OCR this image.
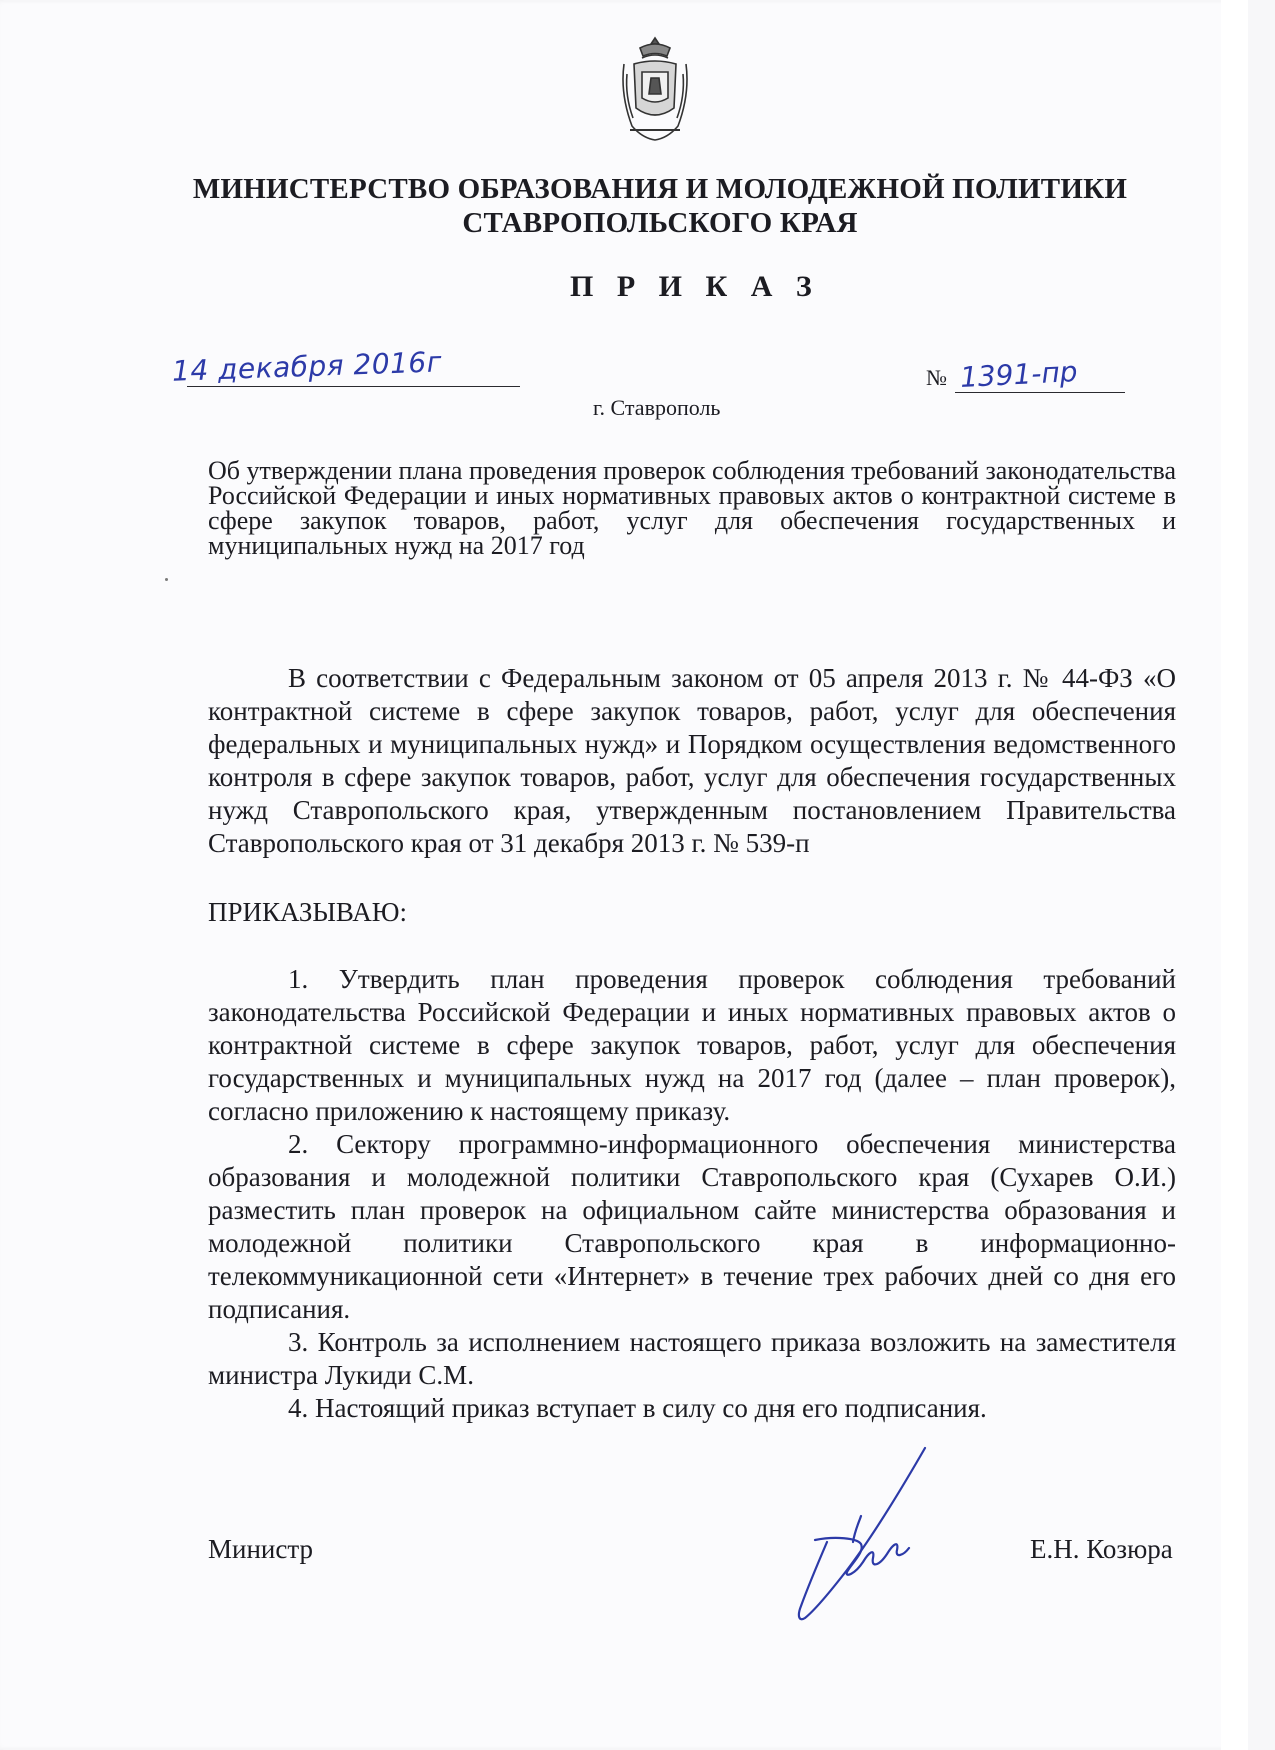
МИНИСТЕРСТВО ОБРАЗОВАНИЯ И МОЛОДЕЖНОЙ ПОЛИТИКИ
СТАВРОПОЛЬСКОГО КРАЯ
П Р И К А З
14 декабря 2016г	№ 1391-пр
г. Ставрополь

Об утверждении плана проведения проверок соблюдения требований законодательства Российской Федерации и иных нормативных правовых актов о контрактной системе в сфере закупок товаров, работ, услуг для обеспечения государственных и муниципальных нужд на 2017 год

В соответствии с Федеральным законом от 05 апреля 2013 г. № 44-ФЗ «О контрактной системе в сфере закупок товаров, работ, услуг для обеспечения федеральных и муниципальных нужд» и Порядком осуществления ведомственного контроля в сфере закупок товаров, работ, услуг для обеспечения государственных нужд Ставропольского края, утвержденным постановлением Правительства Ставропольского края от 31 декабря 2013 г. № 539-п

ПРИКАЗЫВАЮ:

1. Утвердить план проведения проверок соблюдения требований законодательства Российской Федерации и иных нормативных правовых актов о контрактной системе в сфере закупок товаров, работ, услуг для обеспечения государственных и муниципальных нужд на 2017 год (далее – план проверок), согласно приложению к настоящему приказу.

2. Сектору программно-информационного обеспечения министерства образования и молодежной политики Ставропольского края (Сухарев О.И.) разместить план проверок на официальном сайте министерства образования и молодежной политики Ставропольского края в информационно-телекоммуникационной сети «Интернет» в течение трех рабочих дней со дня его подписания.

3. Контроль за исполнением настоящего приказа возложить на заместителя министра Лукиди С.М.

4. Настоящий приказ вступает в силу со дня его подписания.

Министр	Е.Н. Козюра
